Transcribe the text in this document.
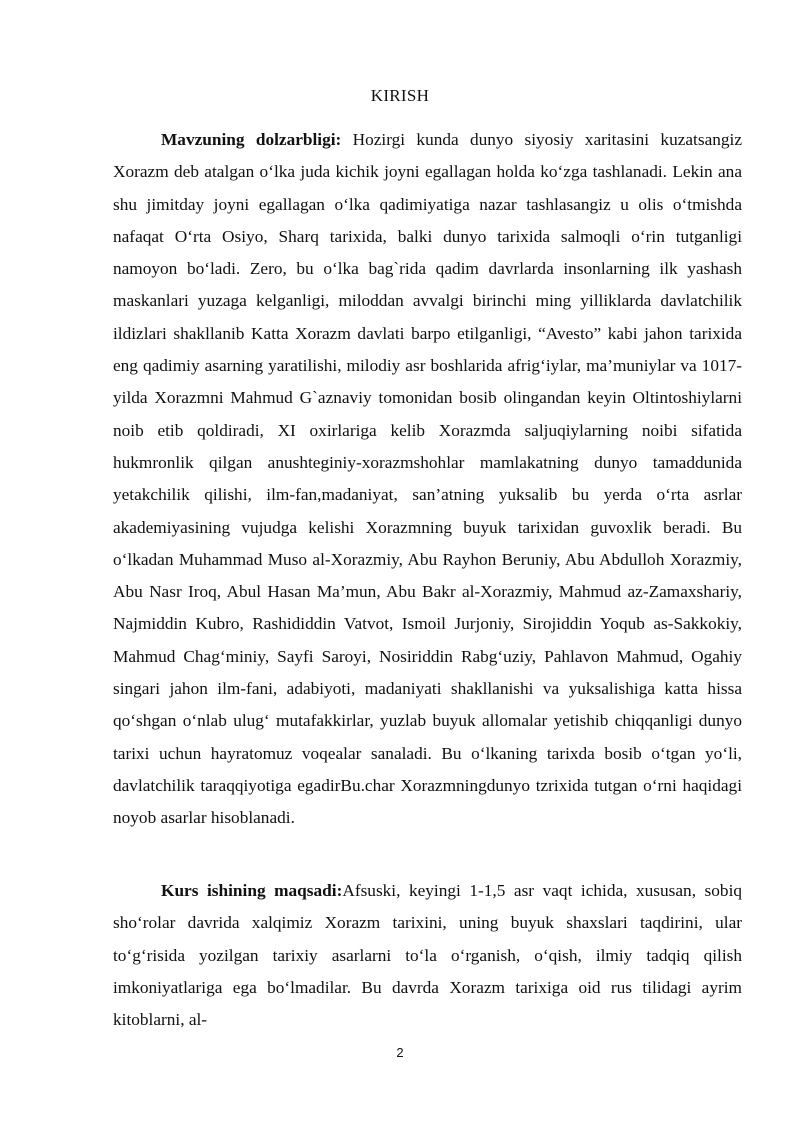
KIRISH

Mavzuning dolzarbligi: Hozirgi kunda dunyo siyosiy xaritasini kuzatsangiz Xorazm deb atalgan o‘lka juda kichik joyni egallagan holda ko‘zga tashlanadi. Lekin ana shu jimitday joyni egallagan o‘lka qadimiyatiga nazar tashlasangiz u olis o‘tmishda nafaqat O‘rta Osiyo, Sharq tarixida, balki dunyo tarixida salmoqli o‘rin tutganligi namoyon bo‘ladi. Zero, bu o‘lka bag`rida qadim davrlarda insonlarning ilk yashash maskanlari yuzaga kelganligi, miloddan avvalgi birinchi ming yilliklarda davlatchilik ildizlari shakllanib Katta Xorazm davlati barpo etilganligi, “Avesto” kabi jahon tarixida eng qadimiy asarning yaratilishi, milodiy asr boshlarida afrig‘iylar, ma’muniylar va 1017-yilda Xorazmni Mahmud G`aznaviy tomonidan bosib olingandan keyin Oltintoshiylarni noib etib qoldiradi, XI oxirlariga kelib Xorazmda saljuqiylarning noibi sifatida hukmronlik qilgan anushteginiy-xorazmshohlar mamlakatning dunyo tamaddunida yetakchilik qilishi, ilm-fan,madaniyat, san’atning yuksalib bu yerda o‘rta asrlar akademiyasining vujudga kelishi Xorazmning buyuk tarixidan guvoxlik beradi. Bu o‘lkadan Muhammad Muso al-Xorazmiy, Abu Rayhon Beruniy, Abu Abdulloh Xorazmiy, Abu Nasr Iroq, Abul Hasan Ma’mun, Abu Bakr al-Xorazmiy, Mahmud az-Zamaxshariy, Najmiddin Kubro, Rashididdin Vatvot, Ismoil Jurjoniy, Sirojiddin Yoqub as-Sakkokiy, Mahmud Chag‘miniy, Sayfi Saroyi, Nosiriddin Rabg‘uziy, Pahlavon Mahmud, Ogahiy singari jahon ilm-fani, adabiyoti, madaniyati shakllanishi va yuksalishiga katta hissa qo‘shgan o‘nlab ulug‘ mutafakkirlar, yuzlab buyuk allomalar yetishib chiqqanligi dunyo tarixi uchun hayratomuz voqealar sanaladi. Bu o‘lkaning tarixda bosib o‘tgan yo‘li, davlatchilik taraqqiyotiga egadirBu.char Xorazmningdunyo tzrixida tutgan o‘rni haqidagi noyob asarlar hisoblanadi.

Kurs ishining maqsadi:Afsuski, keyingi 1-1,5 asr vaqt ichida, xususan, sobiq sho‘rolar davrida xalqimiz Xorazm tarixini, uning buyuk shaxslari taqdirini, ular to‘g‘risida yozilgan tarixiy asarlarni to‘la o‘rganish, o‘qish, ilmiy tadqiq qilish imkoniyatlariga ega bo‘lmadilar. Bu davrda Xorazm tarixiga oid rus tilidagi ayrim kitoblarni, al-

2
